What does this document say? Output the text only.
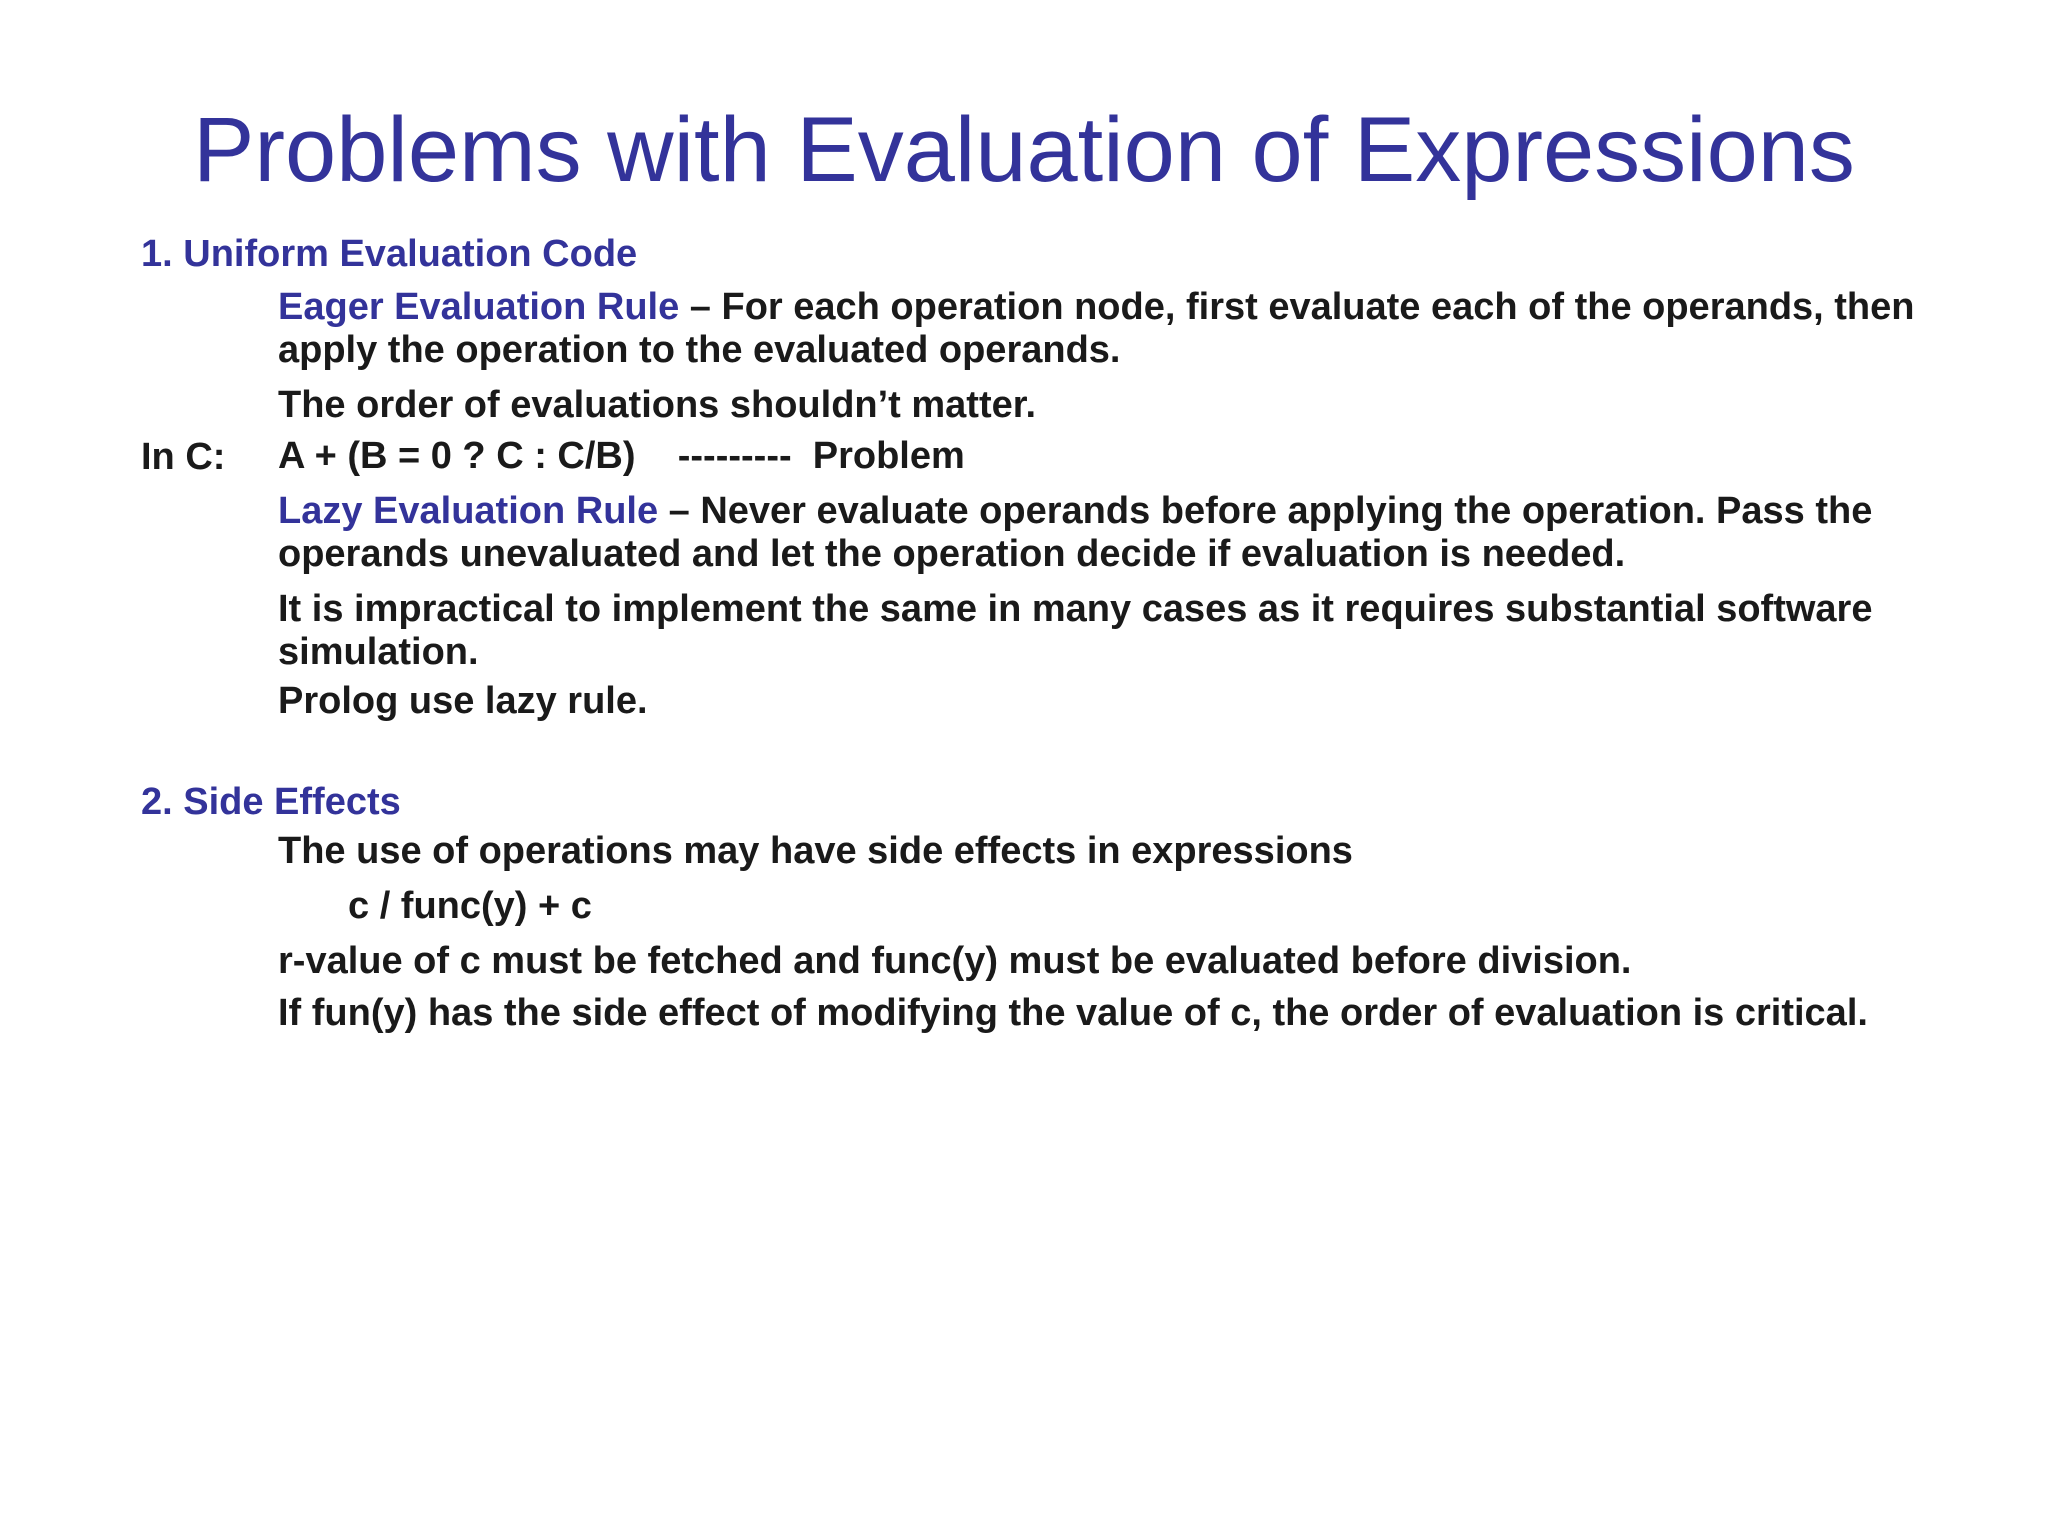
Problems with Evaluation of Expressions
1. Uniform Evaluation Code
Eager Evaluation Rule – For each operation node, first evaluate each of the operands, then apply the operation to the evaluated operands.
The order of evaluations shouldn’t matter.
In C: A + (B = 0 ? C : C/B)    ---------  Problem
Lazy Evaluation Rule – Never evaluate operands before applying the operation. Pass the operands unevaluated and let the operation decide if evaluation is needed.
It is impractical to implement the same in many cases as it requires substantial software simulation.
Prolog use lazy rule.
2. Side Effects
The use of operations may have side effects in expressions
c / func(y) + c
r-value of c must be fetched and func(y) must be evaluated before division.
If fun(y) has the side effect of modifying the value of c, the order of evaluation is critical.
